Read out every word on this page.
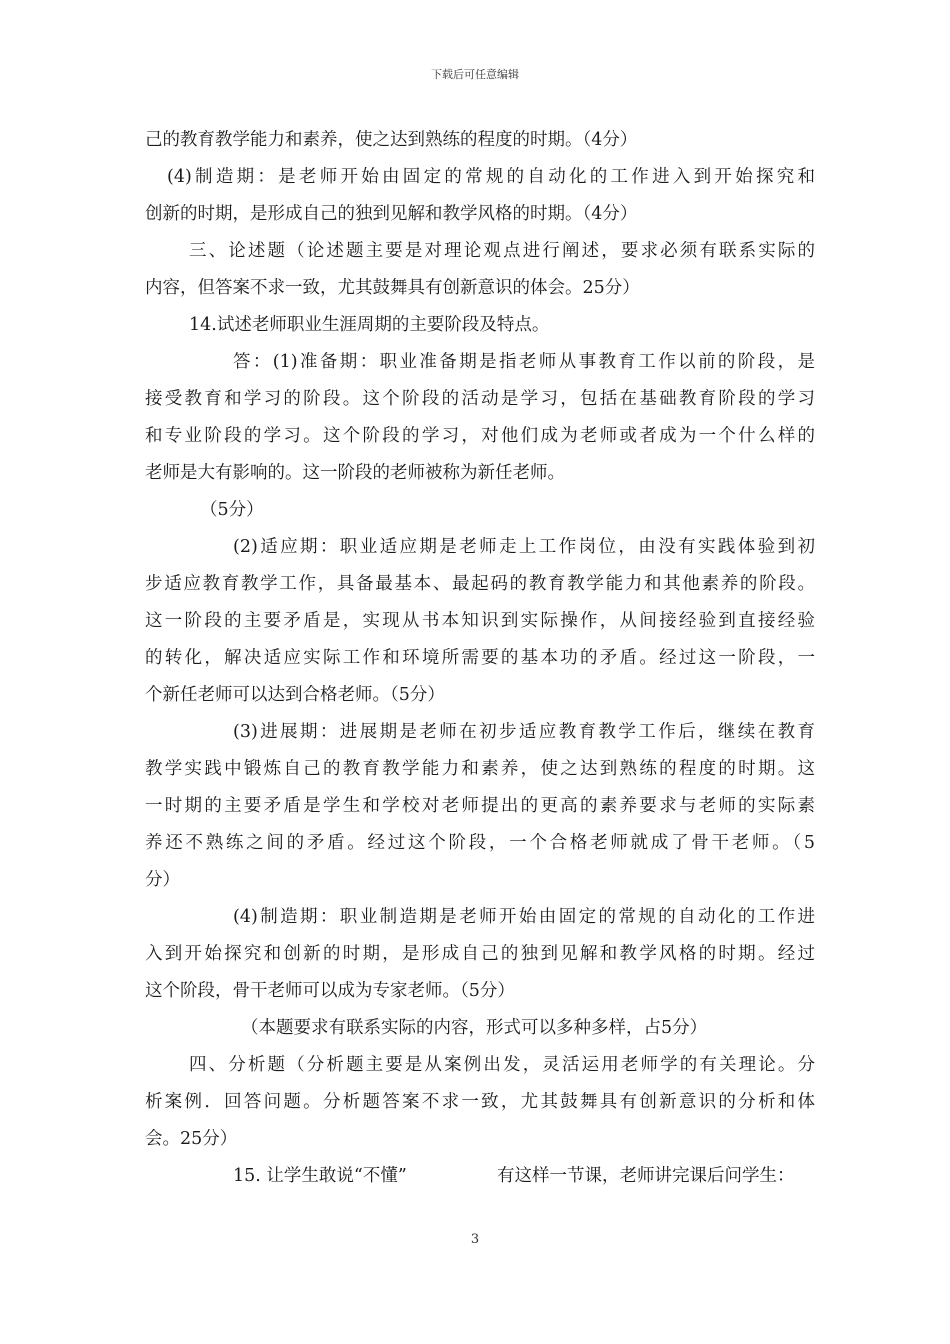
下载后可任意编辑
己的教育教学能力和素养，使之达到熟练的程度的时期。（4分）
(4)制造期：是老师开始由固定的常规的自动化的工作进入到开始探究和
创新的时期，是形成自己的独到见解和教学风格的时期。（4分）
三、论述题（论述题主要是对理论观点进行阐述，要求必须有联系实际的
内容，但答案不求一致，尤其鼓舞具有创新意识的体会。25分）
14.试述老师职业生涯周期的主要阶段及特点。
答：(1)准备期：职业准备期是指老师从事教育工作以前的阶段，是
接受教育和学习的阶段。这个阶段的活动是学习，包括在基础教育阶段的学习
和专业阶段的学习。这个阶段的学习，对他们成为老师或者成为一个什么样的
老师是大有影响的。这一阶段的老师被称为新任老师。
（5分）
(2)适应期：职业适应期是老师走上工作岗位，由没有实践体验到初
步适应教育教学工作，具备最基本、最起码的教育教学能力和其他素养的阶段。
这一阶段的主要矛盾是，实现从书本知识到实际操作，从间接经验到直接经验
的转化，解决适应实际工作和环境所需要的基本功的矛盾。经过这一阶段，一
个新任老师可以达到合格老师。（5分）
(3)进展期：进展期是老师在初步适应教育教学工作后，继续在教育
教学实践中锻炼自己的教育教学能力和素养，使之达到熟练的程度的时期。这
一时期的主要矛盾是学生和学校对老师提出的更高的素养要求与老师的实际素
养还不熟练之间的矛盾。经过这个阶段，一个合格老师就成了骨干老师。（5
分）
(4)制造期：职业制造期是老师开始由固定的常规的自动化的工作进
入到开始探究和创新的时期，是形成自己的独到见解和教学风格的时期。经过
这个阶段，骨干老师可以成为专家老师。（5分）
（本题要求有联系实际的内容，形式可以多种多样，占5分）
四、分析题（分析题主要是从案例出发，灵活运用老师学的有关理论。分
析案例．回答问题。分析题答案不求一致，尤其鼓舞具有创新意识的分析和体
会。25分）
15. 让学生敢说“不懂”	有这样一节课，老师讲完课后问学生：
3
